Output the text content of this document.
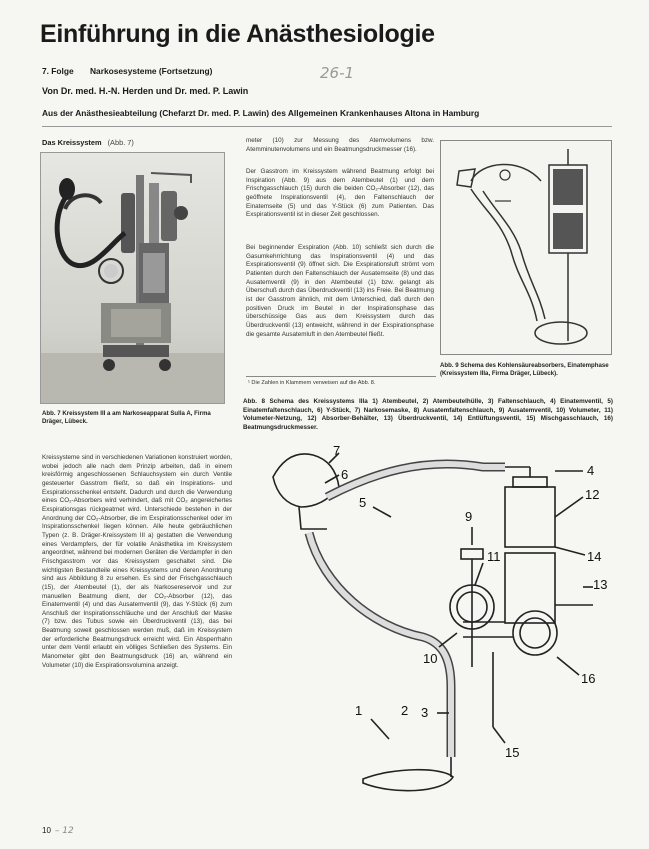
Einführung in die Anästhesiologie
7. Folge Narkosesysteme (Fortsetzung)	26-1
Von Dr. med. H.-N. Herden und Dr. med. P. Lawin
Aus der Anästhesieabteilung (Chefarzt Dr. med. P. Lawin) des Allgemeinen Krankenhauses Altona in Hamburg
Das Kreissystem (Abb. 7)
Abb. 7 Kreissystem III a am Narkoseapparat Sulla A, Firma Dräger, Lübeck.
Kreissysteme sind in verschiedenen Variationen konstruiert worden, wobei jedoch alle nach dem Prinzip arbeiten, daß in einem kreisförmig angeschlossenen Schlauchsystem ein durch Ventile gesteuerter Gasstrom fließt, so daß ein Inspirations- und Exspirationsschenkel entsteht. Dadurch und durch die Verwendung eines CO₂-Absorbers wird verhindert, daß mit CO₂ angereichertes Exspirationsgas rückgeatmet wird. Unterschiede bestehen in der Anordnung der CO₂-Absorber, die im Exspirationsschenkel oder im Inspirationsschenkel liegen können. Alle heute gebräuchlichen Typen (z. B. Dräger-Kreissystem III a) gestatten die Verwendung eines Verdampfers, der für volatile Anästhetika im Kreissystem angeordnet, während bei modernen Geräten die Verdampfer in den Frischgasstrom vor das Kreissystem geschaltet sind. Die wichtigsten Bestandteile eines Kreissystems und deren Anordnung sind aus Abbildung 8 zu ersehen. Es sind der Frischgasschlauch (15), der Atembeutel (1), der als Narkosereservoir und zur manuellen Beatmung dient, der CO₂-Absorber (12), das Einatemventil (4) und das Ausatemventil (9), das Y-Stück (6) zum Anschluß der Inspirationsschläuche und der Anschluß der Maske (7) bzw. des Tubus sowie ein Überdruckventil (13), das bei Beatmung soweit geschlossen werden muß, daß im Kreissystem der erforderliche Beatmungsdruck erreicht wird. Ein Absperrhahn unter dem Ventil erlaubt ein völliges Schließen des Systems. Ein Manometer gibt den Beatmungsdruck (16) an, während ein Volumeter (10) die Exspirationsvolumina anzeigt.
meter (10) zur Messung des Atemvolumens bzw. Atemminutenvolumens und ein Beatmungsdruckmesser (16).
Der Gasstrom im Kreissystem während Beatmung erfolgt bei Inspiration (Abb. 9) aus dem Atembeutel (1) und dem Frischgasschlauch (15) durch die beiden CO₂-Absorber (12), das geöffnete Inspirationsventil (4), den Faltenschlauch der Einatemseite (5) und das Y-Stück (6) zum Patienten. Das Exspirationsventil ist in dieser Zeit geschlossen.
Bei beginnender Exspiration (Abb. 10) schließt sich durch die Gasumkehrrichtung das Inspirationsventil (4) und das Exspirationsventil (9) öffnet sich. Die Exspirationsluft strömt vom Patienten durch den Faltenschlauch der Ausatemseite (8) und das Ausatemventil (9) in den Atembeutel (1) bzw. gelangt als Überschuß durch das Überdruckventil (13) ins Freie. Bei Beatmung ist der Gasstrom ähnlich, mit dem Unterschied, daß durch den positiven Druck im Beutel in der Inspirationsphase das überschüssige Gas aus dem Kreissystem durch das Überdruckventil (13) entweicht, während in der Exspirationsphase die gesamte Ausatemluft in den Atembeutel fließt.
¹ Die Zahlen in Klammern verweisen auf die Abb. 8.
Abb. 9 Schema des Kohlensäureabsorbers, Einatemphase (Kreissystem IIIa, Firma Dräger, Lübeck).
Abb. 8 Schema des Kreissystems IIIa 1) Atembeutel, 2) Atembeutelhülle, 3) Faltenschlauch, 4) Einatemventil, 5) Einatemfaltenschlauch, 6) Y-Stück, 7) Narkosemaske, 8) Ausatemfaltenschlauch, 9) Ausatemventil, 10) Volumeter, 11) Volumeter-Netzung, 12) Absorber-Behälter, 13) Überdruckventil, 14) Entlüftungsventil, 15) Mischgasschlauch, 16) Beatmungsdruckmesser.
7
6
5
9
11
10
4
12
14
13
16
1	2 3
15
10 – 12
